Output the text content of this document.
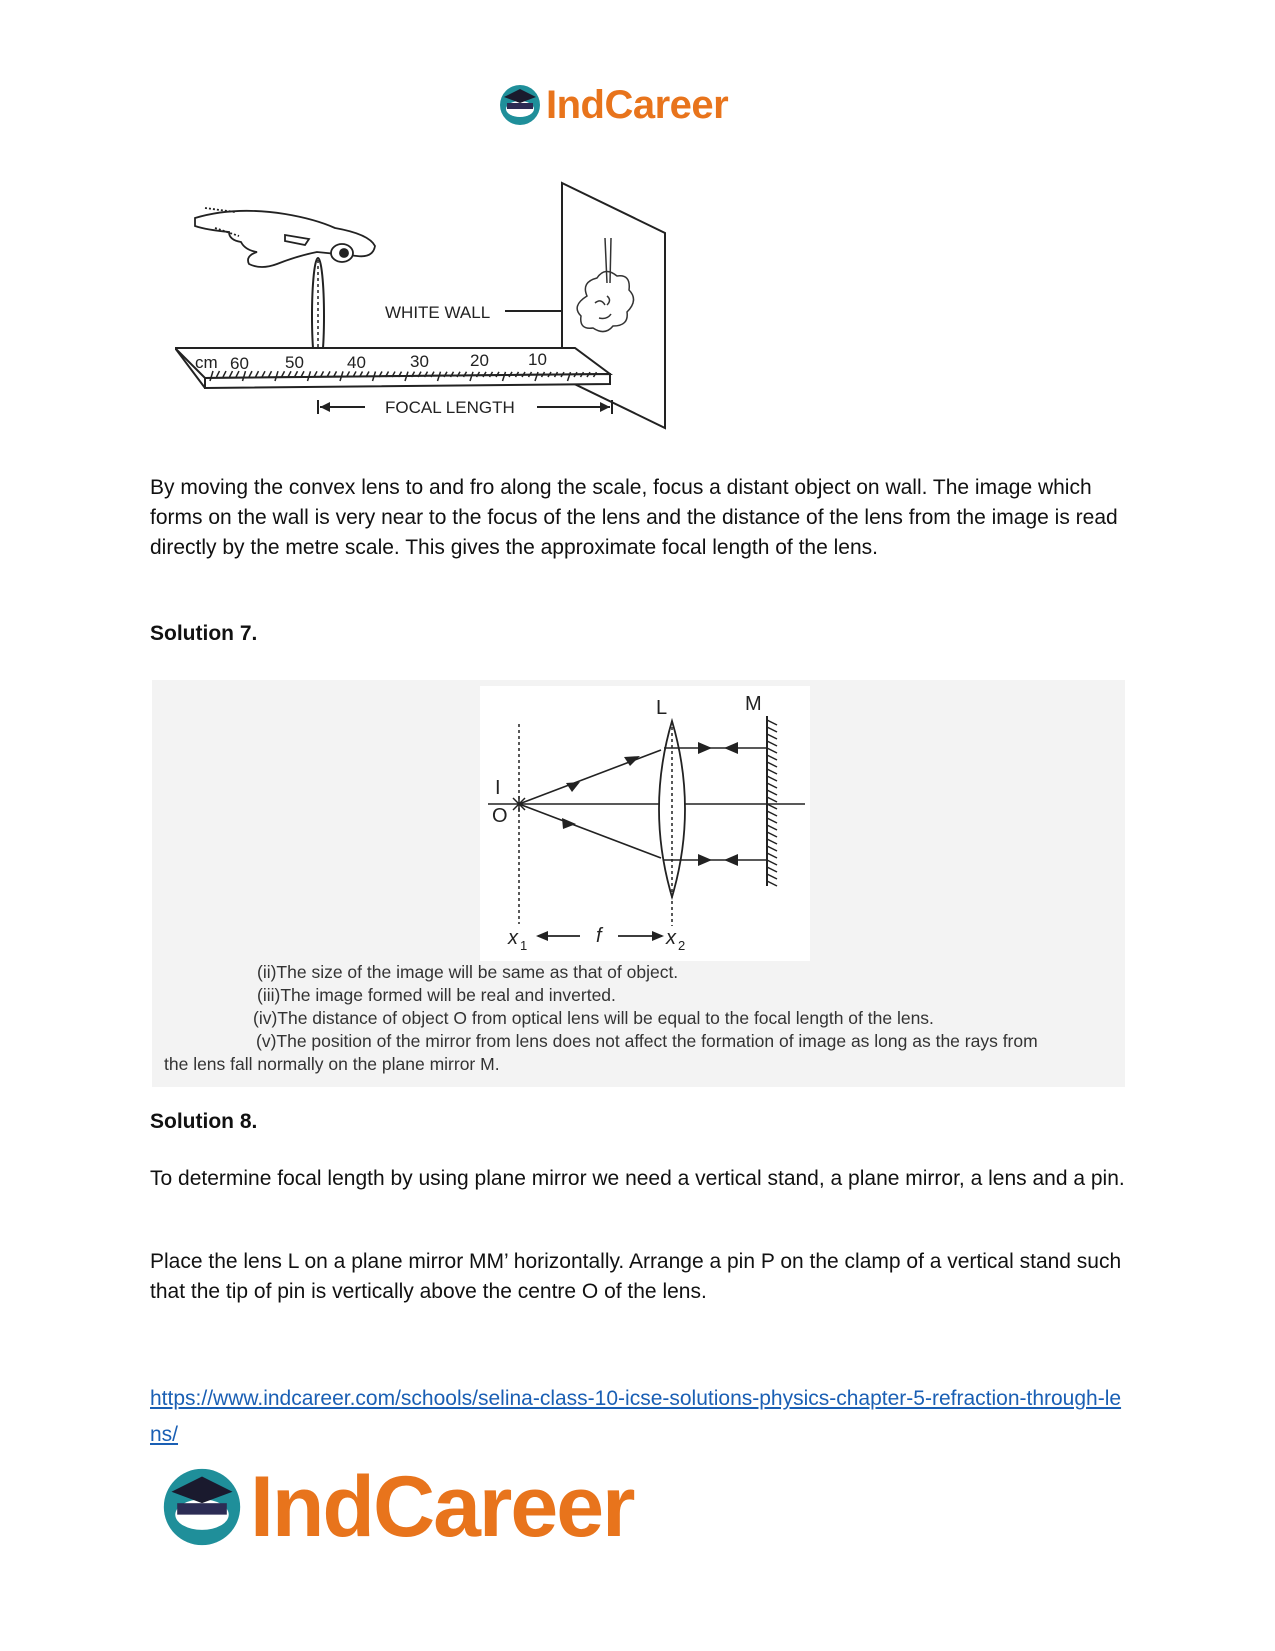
IndCareer
cm 60 50	40	30 20 10
WHITE WALL
FOCAL LENGTH

By moving the convex lens to and fro along the scale, focus a distant object on wall. The image which forms on the wall is very near to the focus of the lens and the distance of the lens from the image is read directly by the metre scale. This gives the approximate focal length of the lens.

Solution 7.

(ii)The size of the image will be same as that of object.

(iii)The image formed will be real and inverted.

(iv)The distance of object O from optical lens will be equal to the focal length of the lens.

(v)The position of the mirror from lens does not affect the formation of image as long as the rays from

the lens fall normally on the plane mirror M.

L	M
I
O
x 1	f	x 2

Solution 8.

To determine focal length by using plane mirror we need a vertical stand, a plane mirror, a lens and a pin.

Place the lens L on a plane mirror MM’ horizontally. Arrange a pin P on the clamp of a vertical stand such that the tip of pin is vertically above the centre O of the lens.

https://www.indcareer.com/schools/selina-class-10-icse-solutions-physics-chapter-5-refraction-through-lens/
IndCareer
